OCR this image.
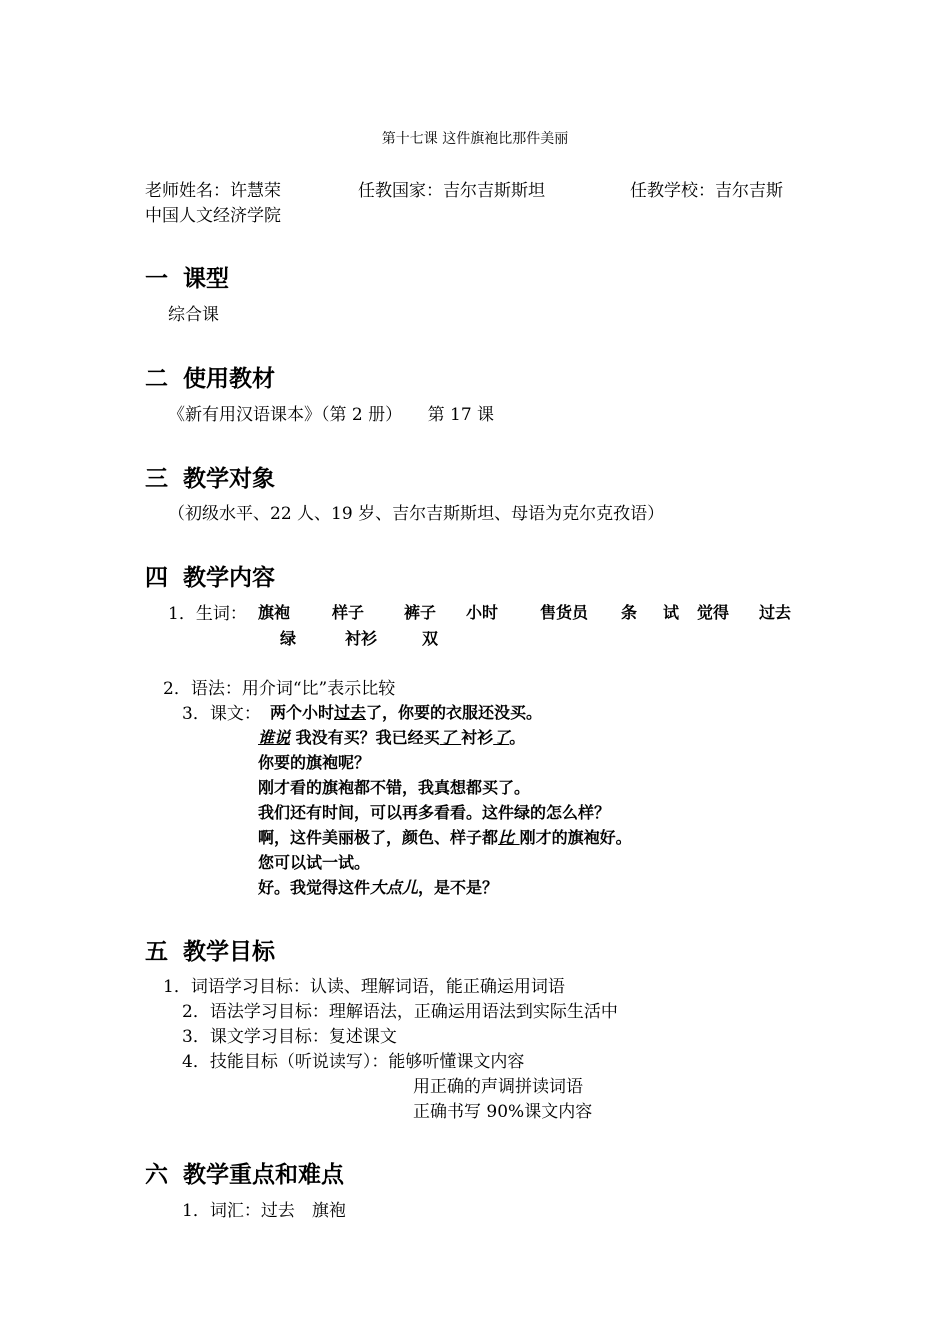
第十七课 这件旗袍比那件美丽
老师姓名：许慧荣	任教国家：吉尔吉斯斯坦	任教学校：吉尔吉斯
中国人文经济学院
一 课型
综合课
二 使用教材
《新有用汉语课本》（第 2 册）　　第 17 课
三 教学对象
（初级水平、22 人、19 岁、吉尔吉斯斯坦、母语为克尔克孜语）
四 教学内容
1．生词： 旗袍	样子 裤子 小时	售货员 条 试 觉得 过去
绿	衬衫	双
2．语法：用介词“比”表示比较
3．课文： 两个小时过去了，你要的衣服还没买。
谁说 我没有买？我已经买了 衬衫了。
你要的旗袍呢？
刚才看的旗袍都不错，我真想都买了。
我们还有时间，可以再多看看。这件绿的怎么样？
啊，这件美丽极了，颜色、样子都比 刚才的旗袍好。
您可以试一试。
好。我觉得这件大点儿，是不是？
五 教学目标
1．词语学习目标：认读、理解词语，能正确运用词语
2．语法学习目标：理解语法，正确运用语法到实际生活中
3．课文学习目标：复述课文
4．技能目标（听说读写）：能够听懂课文内容
用正确的声调拼读词语
正确书写 90%课文内容
六 教学重点和难点
1．词汇：过去　旗袍
